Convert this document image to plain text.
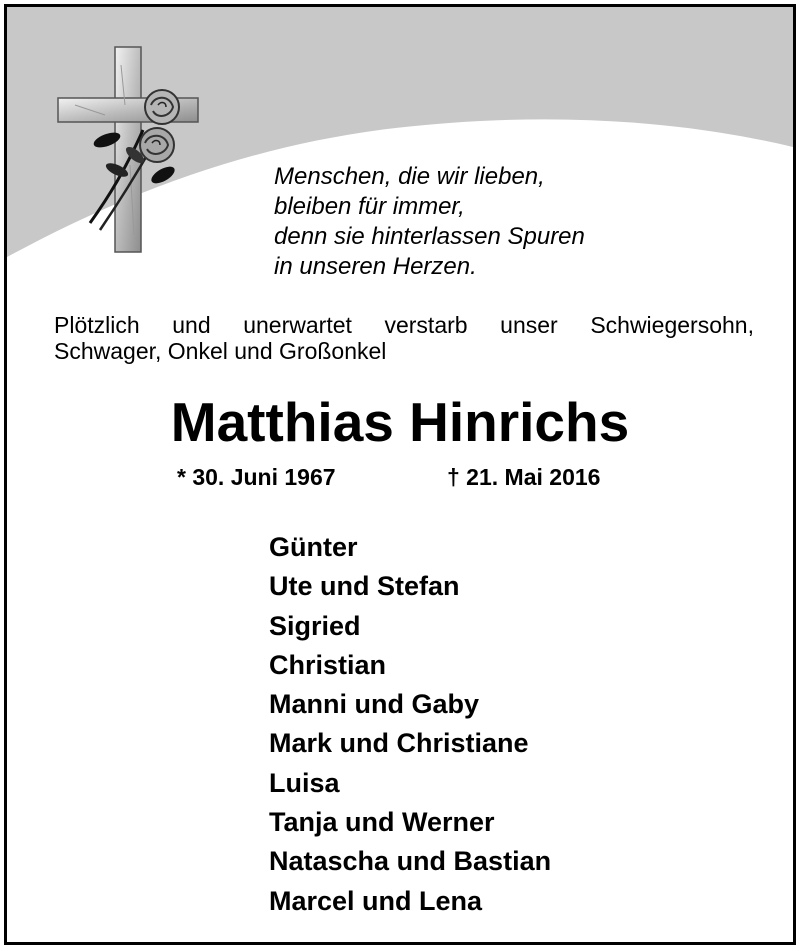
Menschen, die wir lieben,
bleiben für immer,
denn sie hinterlassen Spuren
in unseren Herzen.
Plötzlich und unerwartet verstarb unser Schwiegersohn,
Schwager, Onkel und Großonkel
Matthias Hinrichs
* 30. Juni 1967	† 21. Mai 2016
Günter
Ute und Stefan
Sigried
Christian
Manni und Gaby
Mark und Christiane
Luisa
Tanja und Werner
Natascha und Bastian
Marcel und Lena
